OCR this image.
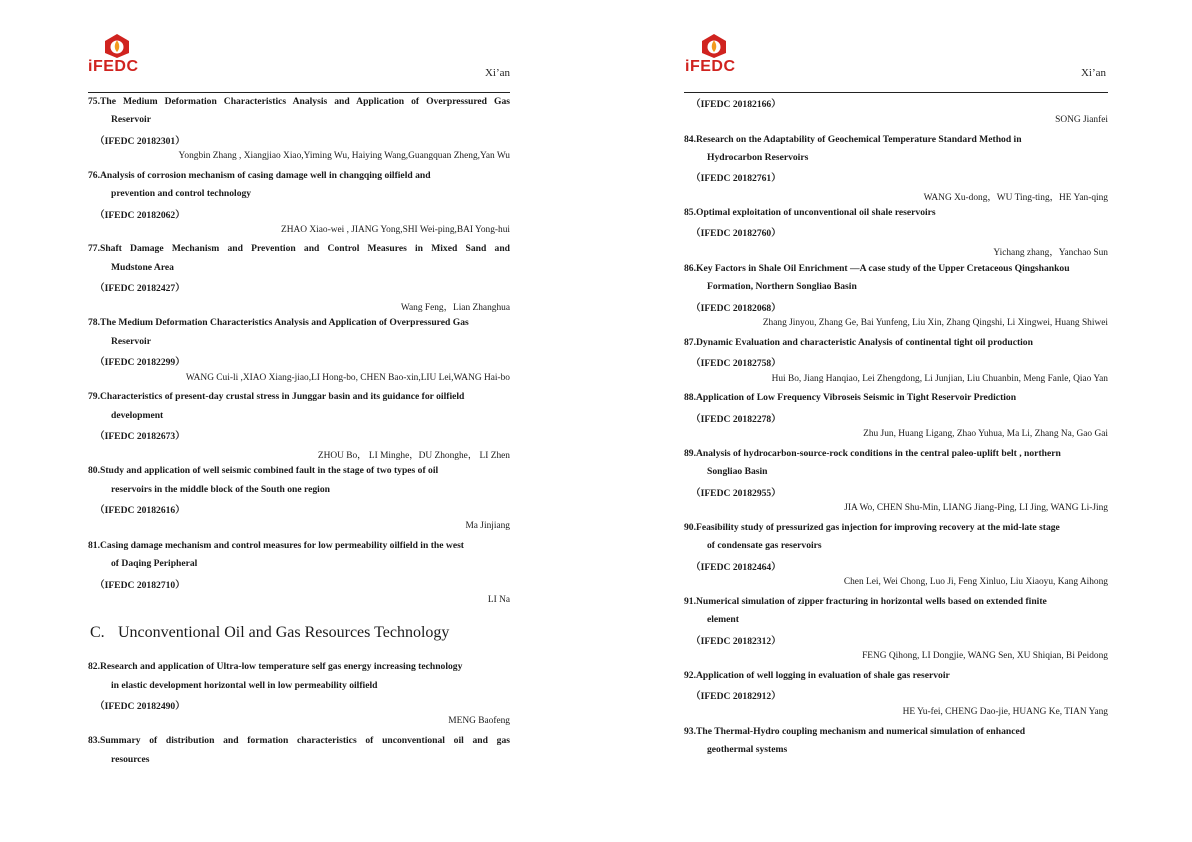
iFEDC	Xi’an
75.The Medium Deformation Characteristics Analysis and Application of Overpressured Gas
Reservoir
（IFEDC 20182301）
Yongbin Zhang , Xiangjiao Xiao,Yiming Wu, Haiying Wang,Guangquan Zheng,Yan Wu
76.Analysis of corrosion mechanism of casing damage well in changqing oilfield and
prevention and control technology
（IFEDC 20182062）
ZHAO Xiao-wei , JIANG Yong,SHI Wei-ping,BAI Yong-hui
77.Shaft Damage Mechanism and Prevention and Control Measures in Mixed Sand and
Mudstone Area
（IFEDC 20182427）
Wang Feng，Lian Zhanghua
78.The Medium Deformation Characteristics Analysis and Application of Overpressured Gas
Reservoir
（IFEDC 20182299）
WANG Cui-li ,XIAO Xiang-jiao,LI Hong-bo, CHEN Bao-xin,LIU Lei,WANG Hai-bo
79.Characteristics of present-day crustal stress in Junggar basin and its guidance for oilfield
development
（IFEDC 20182673）
ZHOU Bo， LI Minghe，DU Zhonghe， LI Zhen
80.Study and application of well seismic combined fault in the stage of two types of oil
reservoirs in the middle block of the South one region
（IFEDC 20182616）
Ma Jinjiang
81.Casing damage mechanism and control measures for low permeability oilfield in the west
of Daqing Peripheral
（IFEDC 20182710）
LI Na
C. Unconventional Oil and Gas Resources Technology
82.Research and application of Ultra-low temperature self gas energy increasing technology
in elastic development horizontal well in low permeability oilfield
（IFEDC 20182490）
MENG Baofeng
83.Summary of distribution and formation characteristics of unconventional oil and gas
resources
iFEDC	Xi’an
（IFEDC 20182166）
SONG Jianfei
84.Research on the Adaptability of Geochemical Temperature Standard Method in
Hydrocarbon Reservoirs
（IFEDC 20182761）
WANG Xu-dong，WU Ting-ting，HE Yan-qing
85.Optimal exploitation of unconventional oil shale reservoirs
（IFEDC 20182760）
Yichang zhang，Yanchao Sun
86.Key Factors in Shale Oil Enrichment —A case study of the Upper Cretaceous Qingshankou
Formation, Northern Songliao Basin
（IFEDC 20182068）
Zhang Jinyou, Zhang Ge, Bai Yunfeng, Liu Xin, Zhang Qingshi, Li Xingwei, Huang Shiwei
87.Dynamic Evaluation and characteristic Analysis of continental tight oil production
（IFEDC 20182758）
Hui Bo, Jiang Hanqiao, Lei Zhengdong, Li Junjian, Liu Chuanbin, Meng Fanle, Qiao Yan
88.Application of Low Frequency Vibroseis Seismic in Tight Reservoir Prediction
（IFEDC 20182278）
Zhu Jun, Huang Ligang, Zhao Yuhua, Ma Li, Zhang Na, Gao Gai
89.Analysis of hydrocarbon-source-rock conditions in the central paleo-uplift belt , northern
Songliao Basin
（IFEDC 20182955）
JIA Wo, CHEN Shu-Min, LIANG Jiang-Ping, LI Jing, WANG Li-Jing
90.Feasibility study of pressurized gas injection for improving recovery at the mid-late stage
of condensate gas reservoirs
（IFEDC 20182464）
Chen Lei, Wei Chong, Luo Ji, Feng Xinluo, Liu Xiaoyu, Kang Aihong
91.Numerical simulation of zipper fracturing in horizontal wells based on extended finite
element
（IFEDC 20182312）
FENG Qihong, LI Dongjie, WANG Sen, XU Shiqian, Bi Peidong
92.Application of well logging in evaluation of shale gas reservoir
（IFEDC 20182912）
HE Yu-fei, CHENG Dao-jie, HUANG Ke, TIAN Yang
93.The Thermal-Hydro coupling mechanism and numerical simulation of enhanced
geothermal systems
